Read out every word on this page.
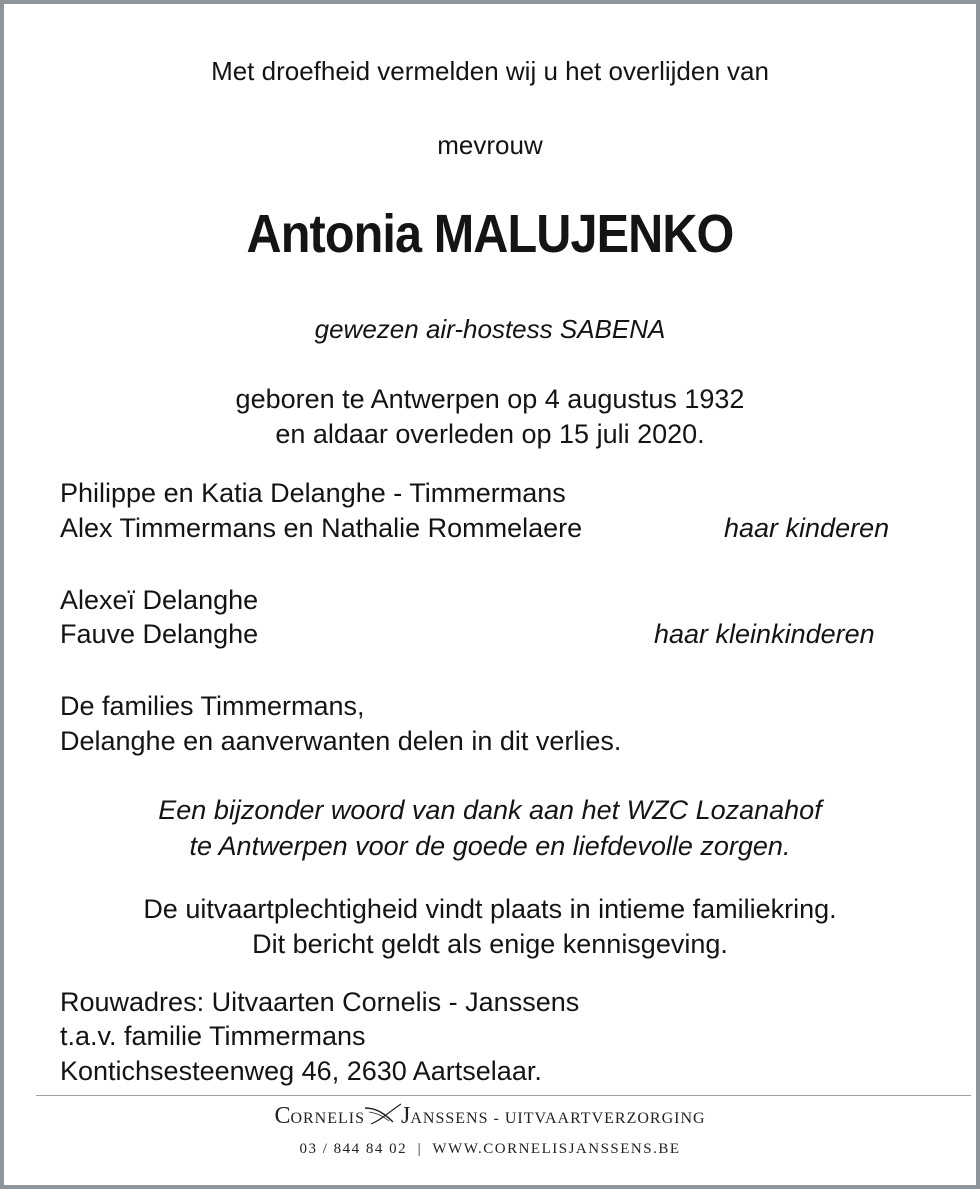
Met droefheid vermelden wij u het overlijden van
mevrouw
Antonia MALUJENKO
gewezen air-hostess SABENA
geboren te Antwerpen op 4 augustus 1932
en aldaar overleden op 15 juli 2020.
Philippe en Katia Delanghe - Timmermans
Alex Timmermans en Nathalie Rommelaere	haar kinderen
Alexeï Delanghe
Fauve Delanghe	haar kleinkinderen
De families Timmermans,
Delanghe en aanverwanten delen in dit verlies.
Een bijzonder woord van dank aan het WZC Lozanahof
te Antwerpen voor de goede en liefdevolle zorgen.
De uitvaartplechtigheid vindt plaats in intieme familiekring.
Dit bericht geldt als enige kennisgeving.
Rouwadres: Uitvaarten Cornelis - Janssens
t.a.v. familie Timmermans
Kontichsesteenweg 46, 2630 Aartselaar.
CORNELIS JANSSENS - UITVAARTVERZORGING
03 / 844 84 02 | WWW.CORNELISJANSSENS.BE
